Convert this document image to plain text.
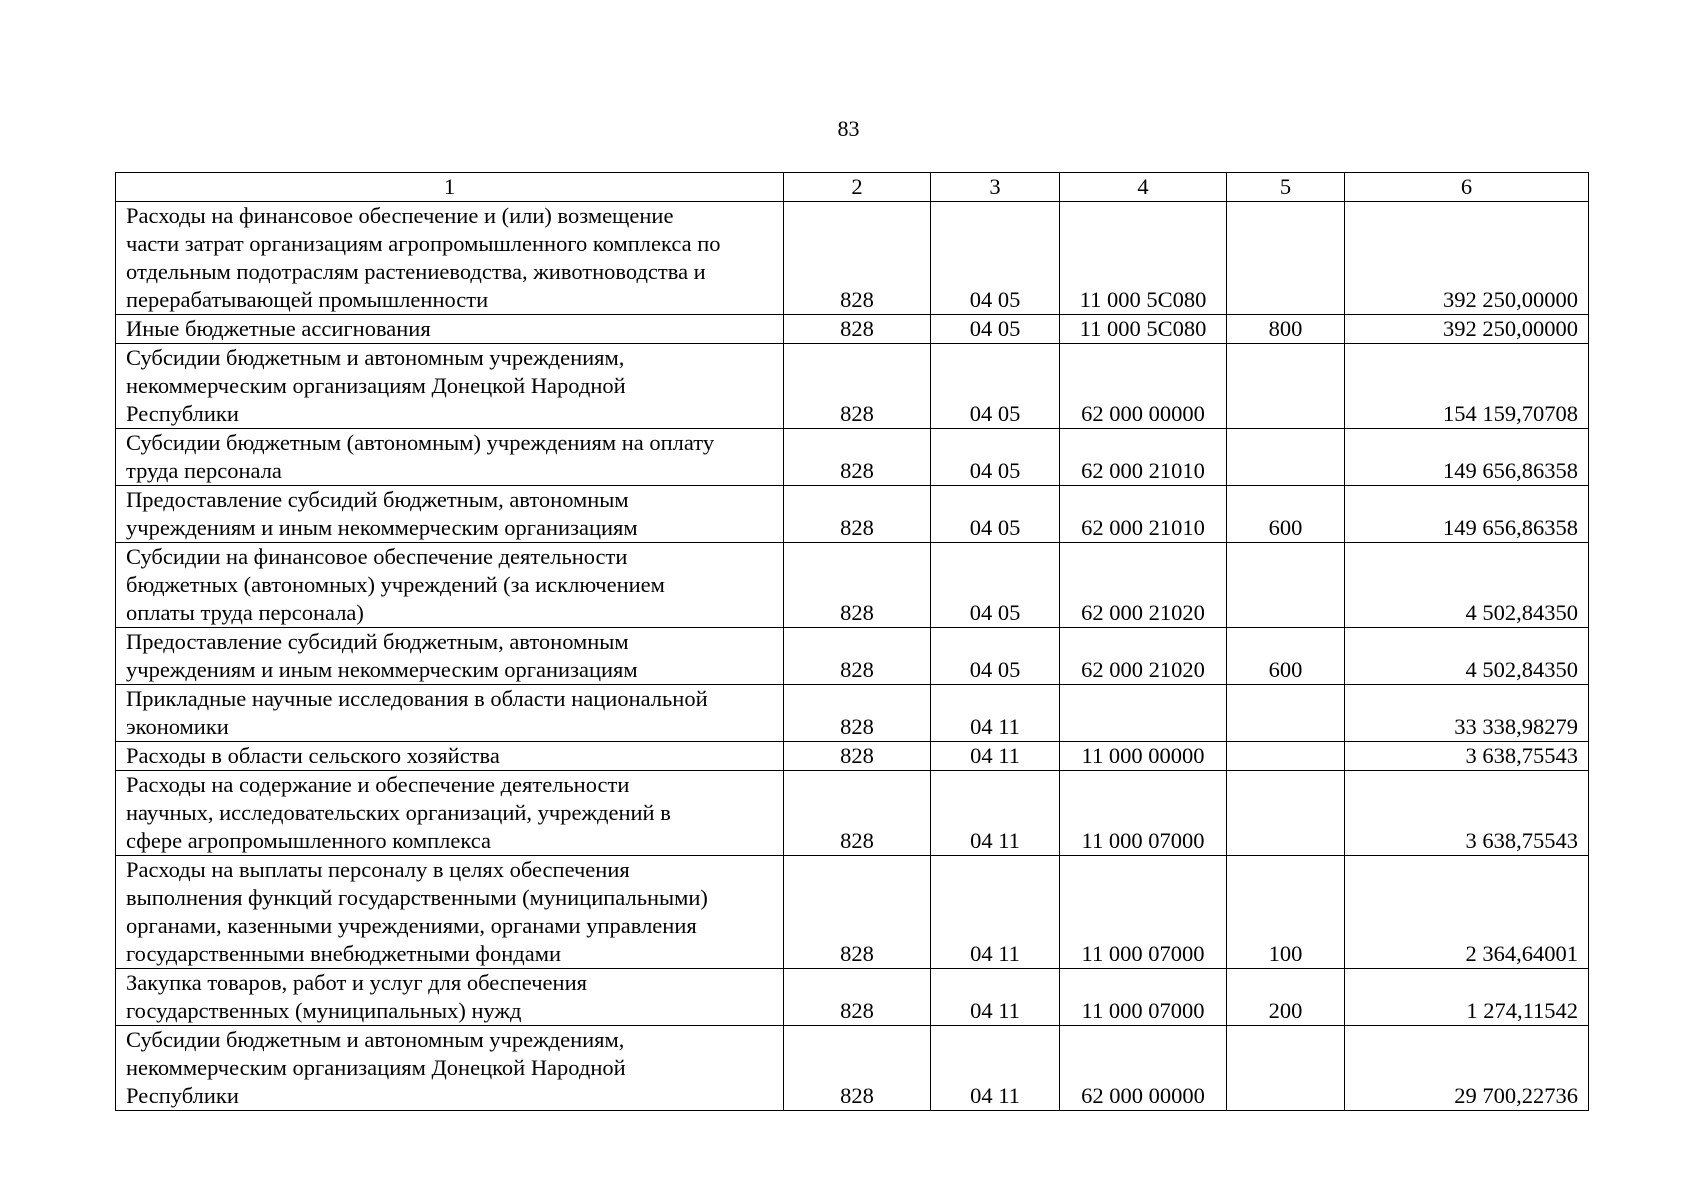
83
1	2	3	4	5	6

Расходы на финансовое обеспечение и (или) возмещение
части затрат организациям агропромышленного комплекса по
отдельным подотраслям растениеводства, животноводства и
перерабатывающей промышленности	828	04 05	11 000 5С080		392 250,00000

Иные бюджетные ассигнования	828	04 05	11 000 5С080	800	392 250,00000

Субсидии бюджетным и автономным учреждениям,
некоммерческим организациям Донецкой Народной
Республики	828	04 05	62 000 00000		154 159,70708

Субсидии бюджетным (автономным) учреждениям на оплату
труда персонала	828	04 05	62 000 21010		149 656,86358

Предоставление субсидий бюджетным, автономным
учреждениям и иным некоммерческим организациям	828	04 05	62 000 21010	600	149 656,86358

Субсидии на финансовое обеспечение деятельности
бюджетных (автономных) учреждений (за исключением
оплаты труда персонала)	828	04 05	62 000 21020		4 502,84350

Предоставление субсидий бюджетным, автономным
учреждениям и иным некоммерческим организациям	828	04 05	62 000 21020	600	4 502,84350

Прикладные научные исследования в области национальной
экономики	828	04 11			33 338,98279

Расходы в области сельского хозяйства	828	04 11	11 000 00000		3 638,75543

Расходы на содержание и обеспечение деятельности
научных, исследовательских организаций, учреждений в
сфере агропромышленного комплекса	828	04 11	11 000 07000		3 638,75543

Расходы на выплаты персоналу в целях обеспечения
выполнения функций государственными (муниципальными)
органами, казенными учреждениями, органами управления
государственными внебюджетными фондами	828	04 11	11 000 07000	100	2 364,64001

Закупка товаров, работ и услуг для обеспечения
государственных (муниципальных) нужд	828	04 11	11 000 07000	200	1 274,11542

Субсидии бюджетным и автономным учреждениям,
некоммерческим организациям Донецкой Народной
Республики	828	04 11	62 000 00000		29 700,22736
